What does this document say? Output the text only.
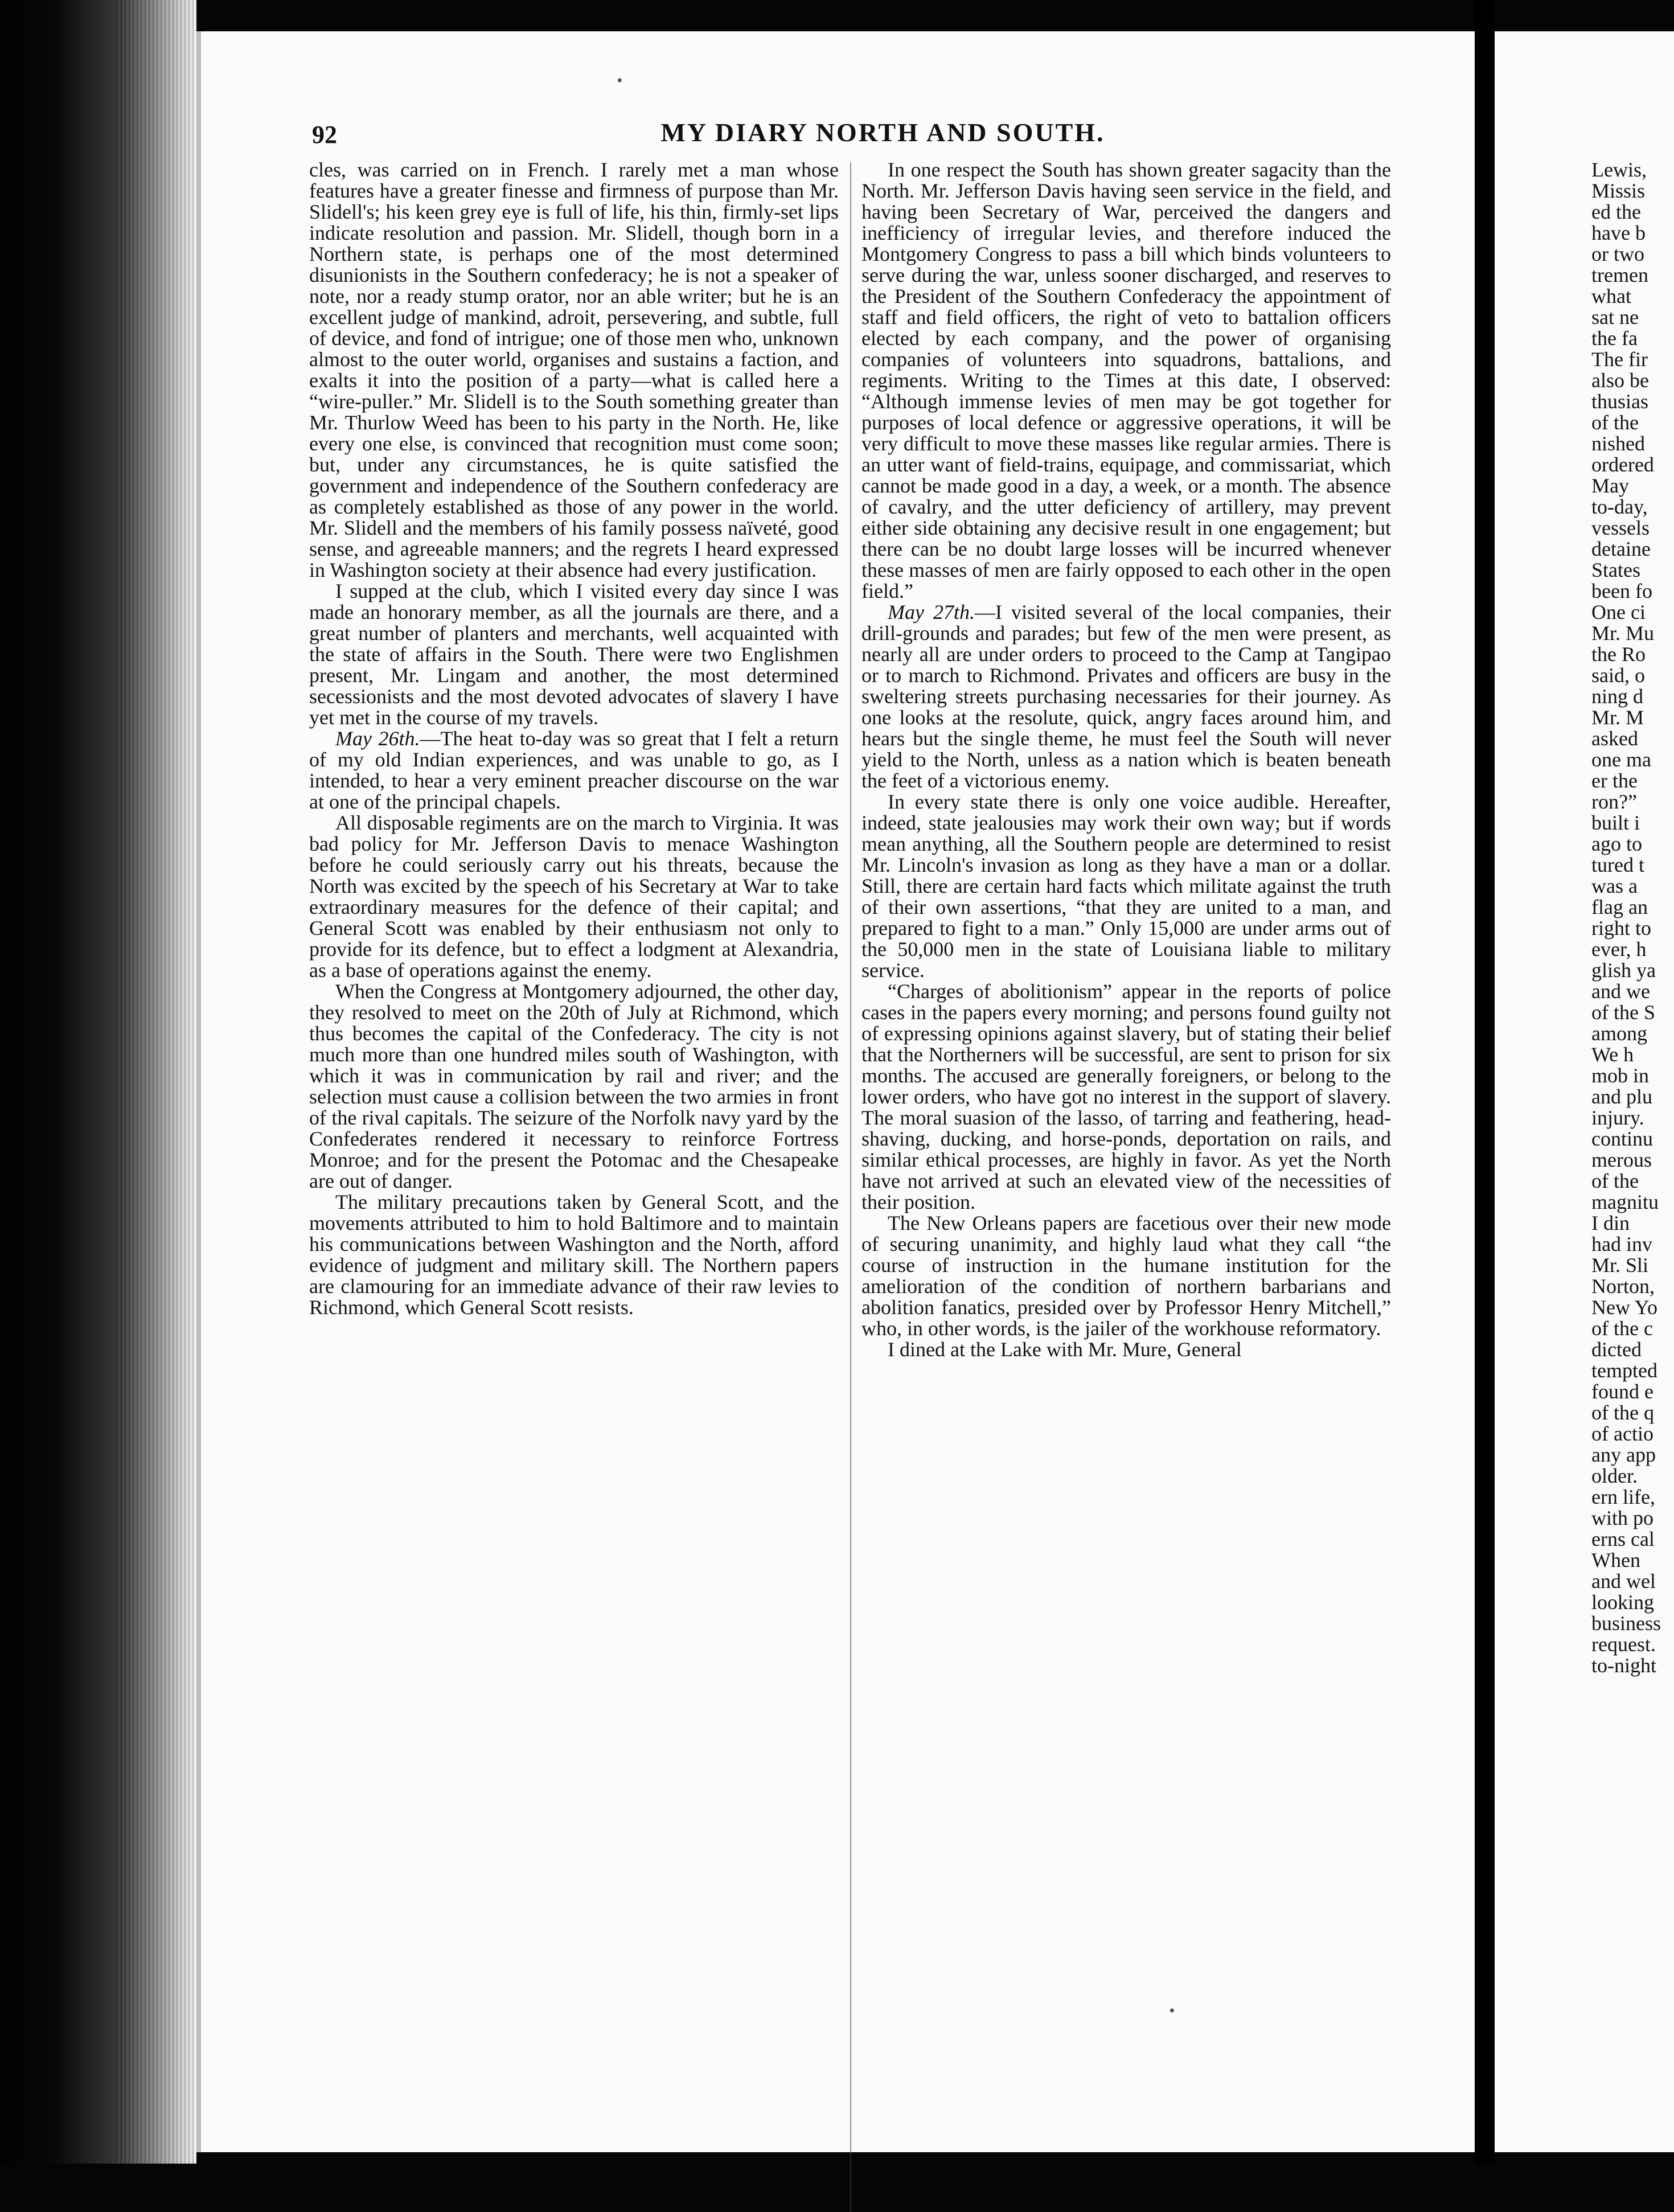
92	MY DIARY NORTH AND SOUTH.

cles, was carried on in French. I rarely met a man whose features have a greater finesse and firmness of purpose than Mr. Slidell's; his keen grey eye is full of life, his thin, firmly-set lips indicate resolution and passion. Mr. Slidell, though born in a Northern state, is perhaps one of the most determined disunionists in the Southern confederacy; he is not a speaker of note, nor a ready stump orator, nor an able writer; but he is an excellent judge of mankind, adroit, persevering, and subtle, full of device, and fond of intrigue; one of those men who, unknown almost to the outer world, organises and sustains a faction, and exalts it into the position of a party—what is called here a “wire-puller.” Mr. Slidell is to the South something greater than Mr. Thurlow Weed has been to his party in the North. He, like every one else, is convinced that recognition must come soon; but, under any circumstances, he is quite satisfied the government and independence of the Southern confederacy are as completely established as those of any power in the world. Mr. Slidell and the members of his family possess naïveté, good sense, and agreeable manners; and the regrets I heard expressed in Washington society at their absence had every justification.

I supped at the club, which I visited every day since I was made an honorary member, as all the journals are there, and a great number of planters and merchants, well acquainted with the state of affairs in the South. There were two Englishmen present, Mr. Lingam and another, the most determined secessionists and the most devoted advocates of slavery I have yet met in the course of my travels.

May 26th.—The heat to-day was so great that I felt a return of my old Indian experiences, and was unable to go, as I intended, to hear a very eminent preacher discourse on the war at one of the principal chapels.

All disposable regiments are on the march to Virginia. It was bad policy for Mr. Jefferson Davis to menace Washington before he could seriously carry out his threats, because the North was excited by the speech of his Secretary at War to take extraordinary measures for the defence of their capital; and General Scott was enabled by their enthusiasm not only to provide for its defence, but to effect a lodgment at Alexandria, as a base of operations against the enemy.

When the Congress at Montgomery adjourned, the other day, they resolved to meet on the 20th of July at Richmond, which thus becomes the capital of the Confederacy. The city is not much more than one hundred miles south of Washington, with which it was in communication by rail and river; and the selection must cause a collision between the two armies in front of the rival capitals. The seizure of the Norfolk navy yard by the Confederates rendered it necessary to reinforce Fortress Monroe; and for the present the Potomac and the Chesapeake are out of danger.

The military precautions taken by General Scott, and the movements attributed to him to hold Baltimore and to maintain his communications between Washington and the North, afford evidence of judgment and military skill. The Northern papers are clamouring for an immediate advance of their raw levies to Richmond, which General Scott resists.

In one respect the South has shown greater sagacity than the North. Mr. Jefferson Davis having seen service in the field, and having been Secretary of War, perceived the dangers and inefficiency of irregular levies, and therefore induced the Montgomery Congress to pass a bill which binds volunteers to serve during the war, unless sooner discharged, and reserves to the President of the Southern Confederacy the appointment of staff and field officers, the right of veto to battalion officers elected by each company, and the power of organising companies of volunteers into squadrons, battalions, and regiments. Writing to the Times at this date, I observed: “Although immense levies of men may be got together for purposes of local defence or aggressive operations, it will be very difficult to move these masses like regular armies. There is an utter want of field-trains, equipage, and commissariat, which cannot be made good in a day, a week, or a month. The absence of cavalry, and the utter deficiency of artillery, may prevent either side obtaining any decisive result in one engagement; but there can be no doubt large losses will be incurred whenever these masses of men are fairly opposed to each other in the open field.”

May 27th.—I visited several of the local companies, their drill-grounds and parades; but few of the men were present, as nearly all are under orders to proceed to the Camp at Tangipao or to march to Richmond. Privates and officers are busy in the sweltering streets purchasing necessaries for their journey. As one looks at the resolute, quick, angry faces around him, and hears but the single theme, he must feel the South will never yield to the North, unless as a nation which is beaten beneath the feet of a victorious enemy.

In every state there is only one voice audible. Hereafter, indeed, state jealousies may work their own way; but if words mean anything, all the Southern people are determined to resist Mr. Lincoln's invasion as long as they have a man or a dollar. Still, there are certain hard facts which militate against the truth of their own assertions, “that they are united to a man, and prepared to fight to a man.” Only 15,000 are under arms out of the 50,000 men in the state of Louisiana liable to military service.

“Charges of abolitionism” appear in the reports of police cases in the papers every morning; and persons found guilty not of expressing opinions against slavery, but of stating their belief that the Northerners will be successful, are sent to prison for six months. The accused are generally foreigners, or belong to the lower orders, who have got no interest in the support of slavery. The moral suasion of the lasso, of tarring and feathering, head-shaving, ducking, and horse-ponds, deportation on rails, and similar ethical processes, are highly in favor. As yet the North have not arrived at such an elevated view of the necessities of their position.

The New Orleans papers are facetious over their new mode of securing unanimity, and highly laud what they call “the course of instruction in the humane institution for the amelioration of the condition of northern barbarians and abolition fanatics, presided over by Professor Henry Mitchell,” who, in other words, is the jailer of the workhouse reformatory.

I dined at the Lake with Mr. Mure, General

•
•
Lewis,
Missis
ed the
have b
or two
tremen
what
sat ne
the fa
The fir
also be
thusias
of the
nished
ordered
May
to-day,
vessels
detaine
States
been fo
One ci
Mr. Mu
the Ro
said, o
ning d
Mr. M
asked
one ma
er the
ron?”
built i
ago to
tured t
was a
flag an
right to
ever, h
glish ya
and we
of the S
among
We h
mob in
and plu
injury.
continu
merous
of the
magnitu
I din
had inv
Mr. Sli
Norton,
New Yo
of the c
dicted
tempted
found e
of the q
of actio
any app
older.
ern life,
with po
erns cal
When
and wel
looking
business
request.
to-night
